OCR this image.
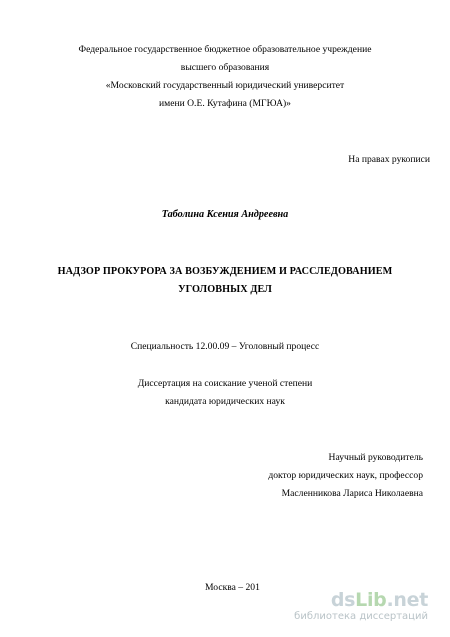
Федеральное государственное бюджетное образовательное учреждение
высшего образования
«Московский государственный юридический университет
имени О.Е. Кутафина (МГЮА)»
На правах рукописи
Таболина Ксения Андреевна
НАДЗОР ПРОКУРОРА ЗА ВОЗБУЖДЕНИЕМ И РАССЛЕДОВАНИЕМ
УГОЛОВНЫХ ДЕЛ
Специальность 12.00.09 – Уголовный процесс
Диссертация на соискание ученой степени
кандидата юридических наук
Научный руководитель
доктор юридических наук, профессор
Масленникова Лариса Николаевна
Москва – 201
dsLib.net
библиотека диссертаций
